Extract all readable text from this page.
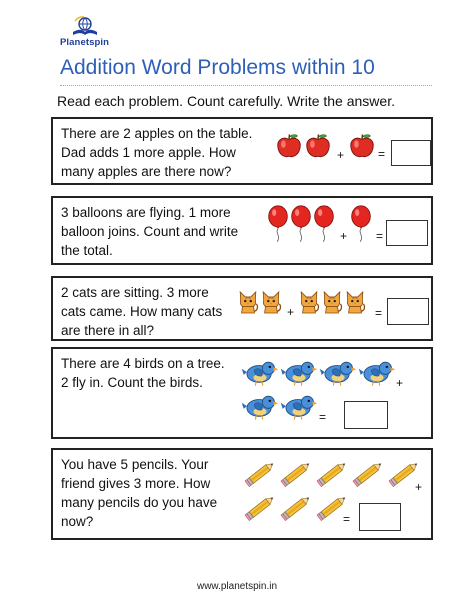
Planetspin
Addition Word Problems within 10
Read each problem. Count carefully. Write the answer.
There are 2 apples on the table.
Dad adds 1 more apple. How
many apples are there now?
+	=
3 balloons are flying. 1 more
balloon joins. Count and write
the total.
+ =
2 cats are sitting. 3 more
cats came. How many cats
are there in all?
+	=
There are 4 birds on a tree.
2 fly in. Count the birds.	+
=
You have 5 pencils. Your
friend gives 3 more. How
many pencils do you have
now?
+
=
www.planetspin.in
